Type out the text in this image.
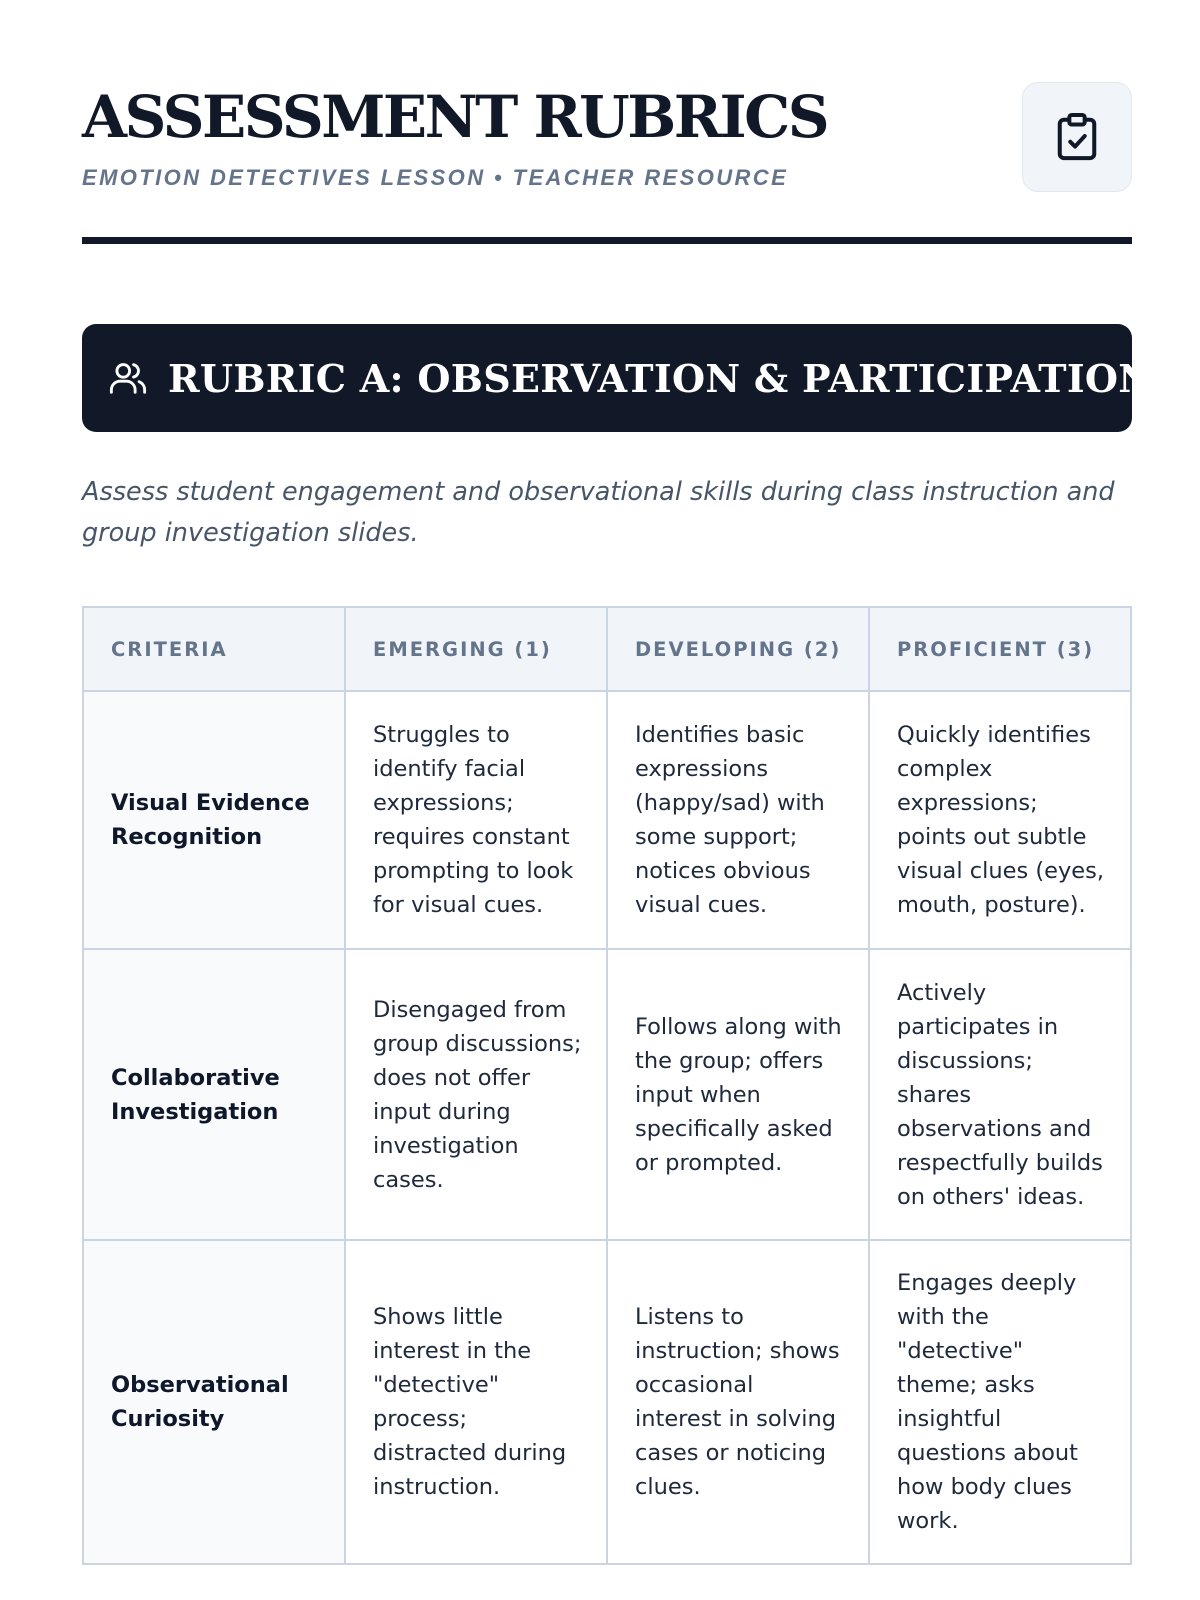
ASSESSMENT RUBRICS
EMOTION DETECTIVES LESSON • TEACHER RESOURCE
RUBRIC A: OBSERVATION & PARTICIPATION

Assess student engagement and observational skills during class instruction and group investigation slides.

CRITERIA	EMERGING (1)	DEVELOPING (2)	PROFICIENT (3)
Visual Evidence Recognition	Struggles to identify facial expressions; requires constant prompting to look for visual cues.	Identifies basic expressions (happy/sad) with some support; notices obvious visual cues.	Quickly identifies complex expressions; points out subtle visual clues (eyes, mouth, posture).
Collaborative Investigation	Disengaged from group discussions; does not offer input during investigation cases.	Follows along with the group; offers input when specifically asked or prompted.	Actively participates in discussions; shares observations and respectfully builds on others' ideas.
Observational Curiosity	Shows little interest in the "detective" process; distracted during instruction.	Listens to instruction; shows occasional interest in solving cases or noticing clues.	Engages deeply with the "detective" theme; asks insightful questions about how body clues work.
